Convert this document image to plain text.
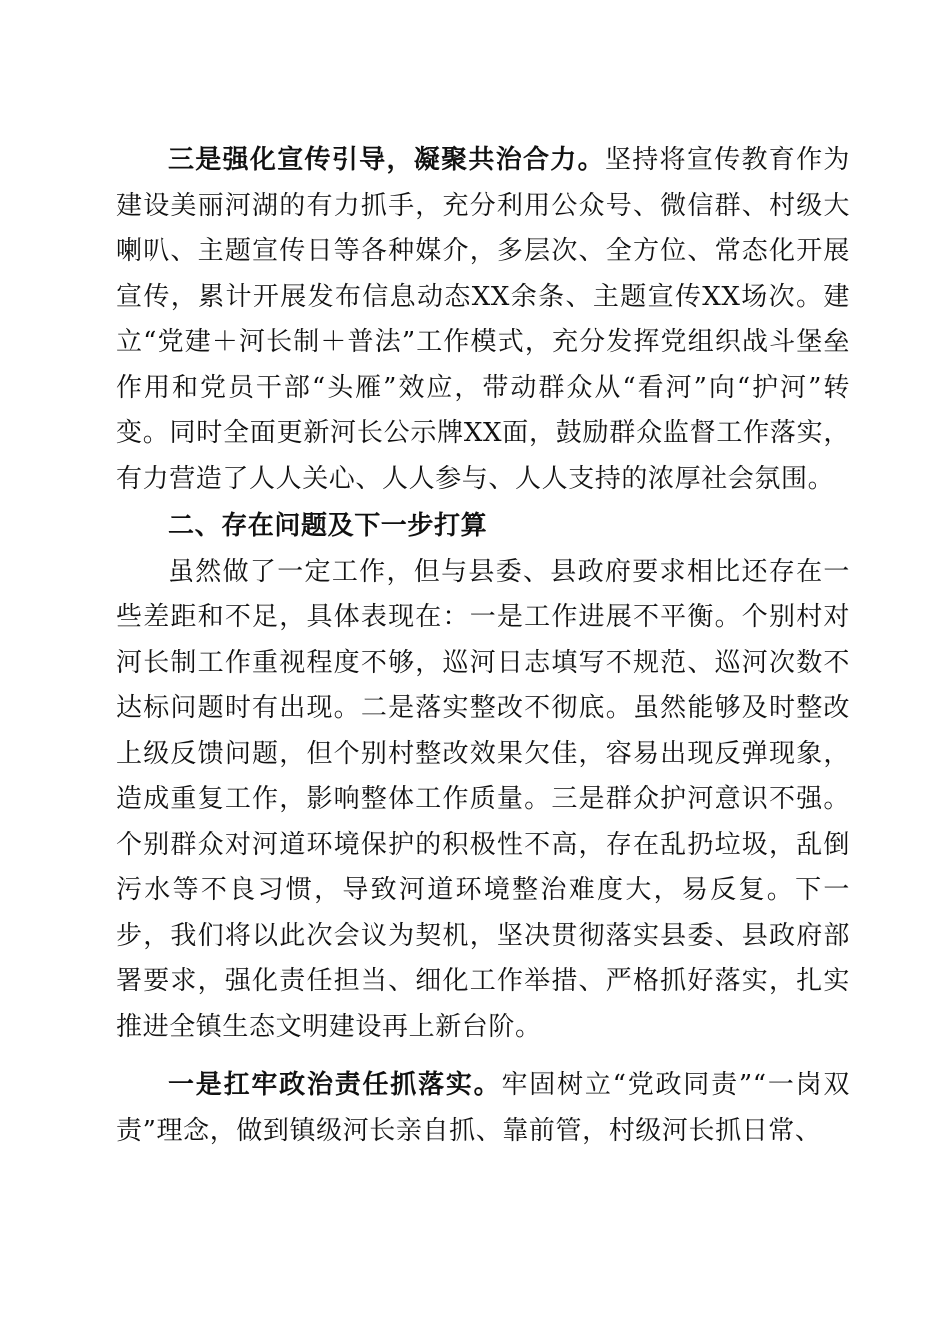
三是强化宣传引导，凝聚共治合力。坚持将宣传教育作为建设美丽河湖的有力抓手，充分利用公众号、微信群、村级大喇叭、主题宣传日等各种媒介，多层次、全方位、常态化开展宣传，累计开展发布信息动态XX余条、主题宣传XX场次。建立“党建＋河长制＋普法”工作模式，充分发挥党组织战斗堡垒作用和党员干部“头雁”效应，带动群众从“看河”向“护河”转变。同时全面更新河长公示牌XX面，鼓励群众监督工作落实，有力营造了人人关心、人人参与、人人支持的浓厚社会氛围。

二、存在问题及下一步打算

虽然做了一定工作，但与县委、县政府要求相比还存在一些差距和不足，具体表现在：一是工作进展不平衡。个别村对河长制工作重视程度不够，巡河日志填写不规范、巡河次数不达标问题时有出现。二是落实整改不彻底。虽然能够及时整改上级反馈问题，但个别村整改效果欠佳，容易出现反弹现象，造成重复工作，影响整体工作质量。三是群众护河意识不强。个别群众对河道环境保护的积极性不高，存在乱扔垃圾，乱倒污水等不良习惯，导致河道环境整治难度大，易反复。下一步，我们将以此次会议为契机，坚决贯彻落实县委、县政府部署要求，强化责任担当、细化工作举措、严格抓好落实，扎实推进全镇生态文明建设再上新台阶。

一是扛牢政治责任抓落实。牢固树立“党政同责”“一岗双责”理念，做到镇级河长亲自抓、靠前管，村级河长抓日常、
